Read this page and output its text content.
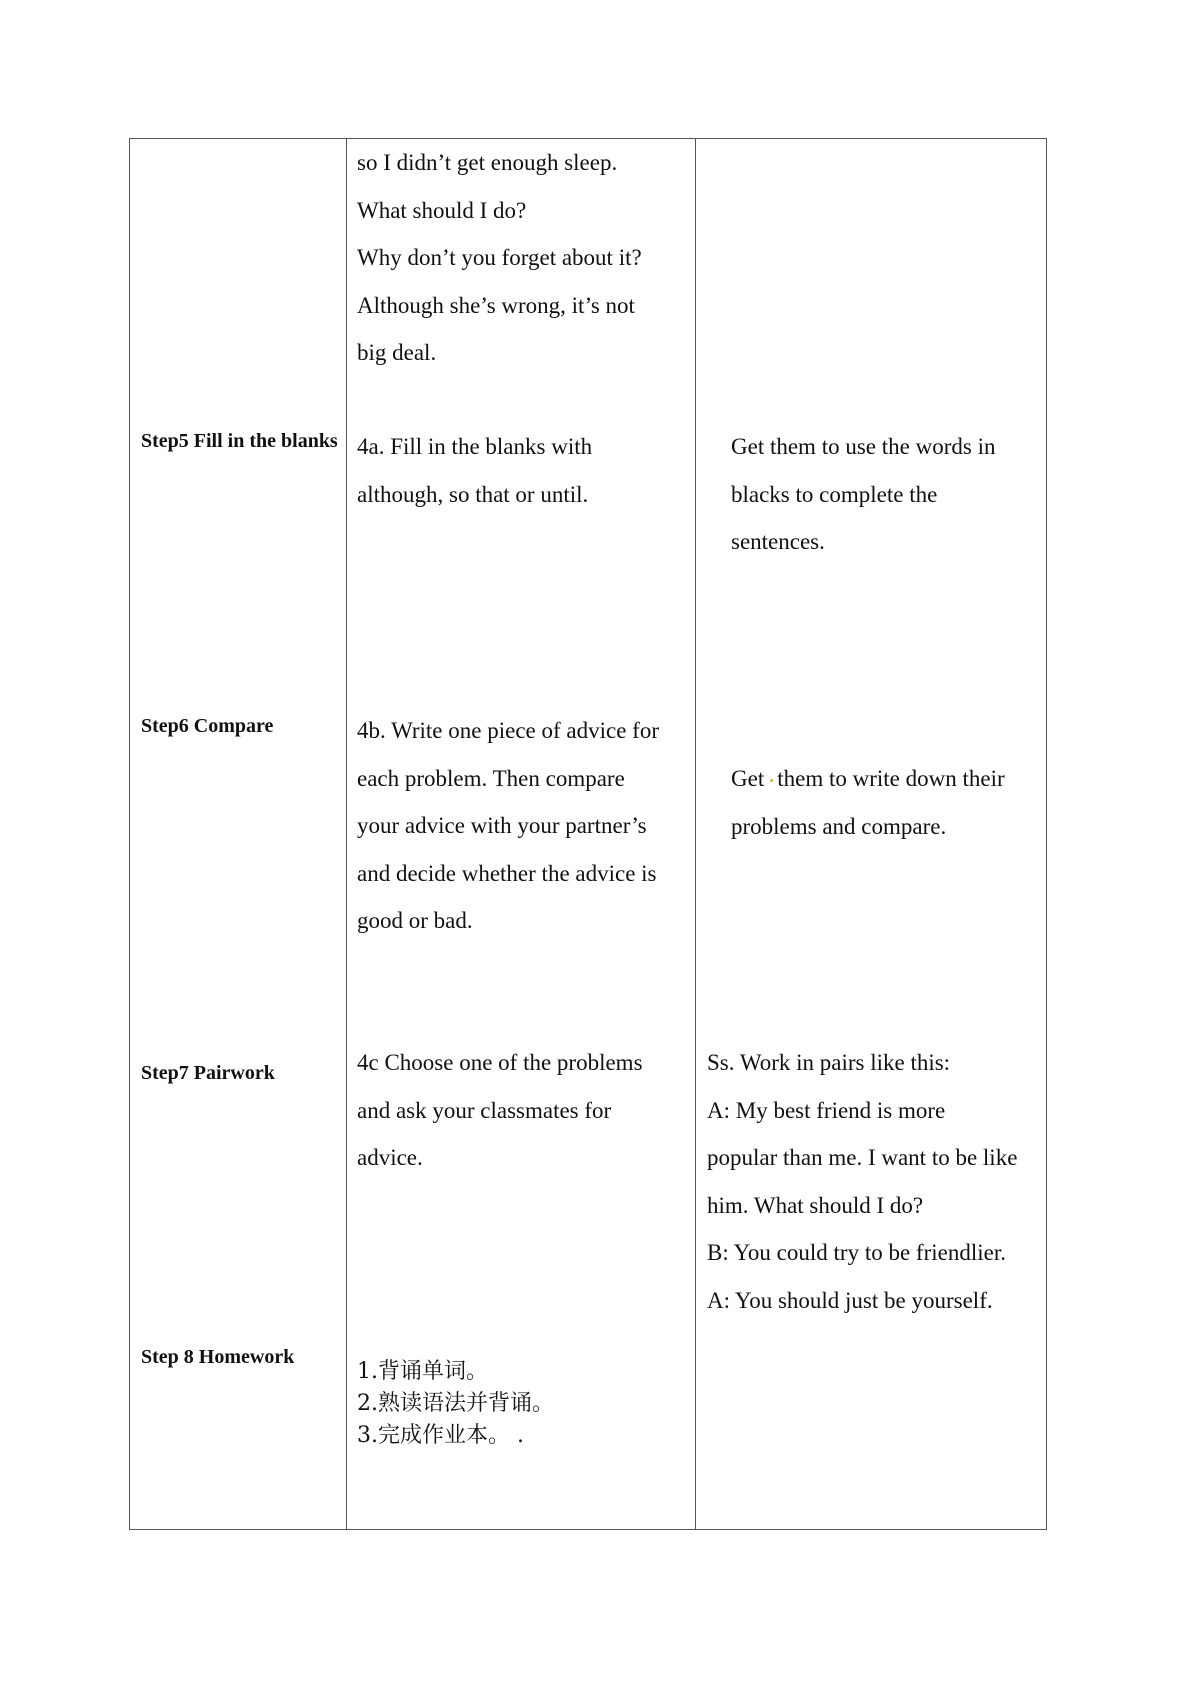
so I didn’t get enough sleep.
What should I do?
Why don’t you forget about it?
Although she’s wrong, it’s not
big deal.
Step5 Fill in the blanks 4a. Fill in the blanks with
although, so that or until.
Get them to use the words in
blacks to complete the
sentences.
Step6 Compare	4b. Write one piece of advice for
each problem. Then compare
your advice with your partner’s
and decide whether the advice is
good or bad.
Get them to write down their
problems and compare.
Step7 Pairwork	4c Choose one of the problems
and ask your classmates for
advice.
Ss. Work in pairs like this:
A: My best friend is more
popular than me. I want to be like
him. What should I do?
B: You could try to be friendlier.
A: You should just be yourself.
Step 8 Homework
1.背诵单词。
2.熟读语法并背诵。
3.完成作业本。 .
